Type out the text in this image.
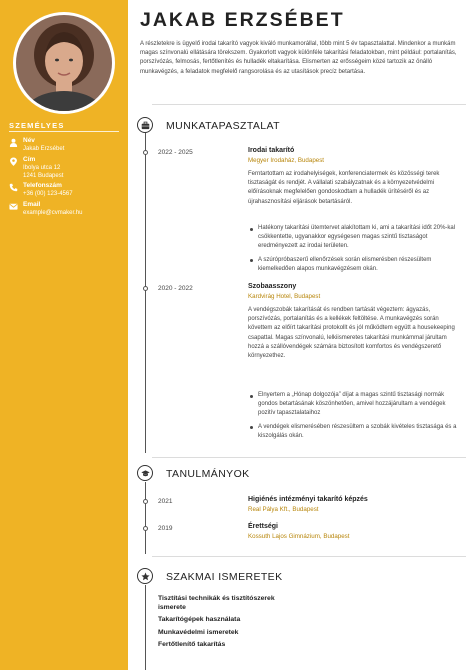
SZEMÉLYES
Név
Jakab Erzsébet
Cím
Ibolya utca 12
1241 Budapest
Telefonszám
+36 (00) 123-4567
Email
example@cvmaker.hu
JAKAB ERZSÉBET
A részletekre is ügyelő irodai takarító vagyok kiváló munkamorállal, több mint 5 év tapasztalattal. Mindenkor a munkám magas színvonalú ellátására törekszem. Gyakorlott vagyok különféle takarítási feladatokban, mint például: portalanítás, porszívózás, felmosás, fertőtlenítés és hulladék eltakarítása. Elismerten az erősségeim közé tartozik az önálló munkavégzés, a feladatok megfelelő rangsorolása és az utasítások precíz betartása.
MUNKATAPASZTALAT
2022 - 2025	Irodai takarító
Megyer Irodaház, Budapest
Ferntartottam az irodahelyiségek, konferenciatermek és közösségi terek tisztaságát és rendjét. A vállalati szabályzatnak és a környezetvédelmi előírásoknak megfelelően gondoskodtam a hulladék ürítéséről és az újrahasznosítási eljárások betartásáról.
Hatékony takarítási ütemtervet alakítottam ki, ami a takarítási időt 20%-kal csökkentette, ugyanakkor egységesen magas szintű tisztaságot eredményezett az irodai területen.
A szúrópróbaszerű ellenőrzések során elismerésben részesültem kiemelkedően alapos munkavégzésem okán.
2020 - 2022	Szobaasszony
Kardvirág Hotel, Budapest
A vendégszobák takarítását és rendben tartását végeztem: ágyazás, porszívózás, portalanítás és a kellékek feltöltése. A munkavégzés során követtem az előírt takarítási protokollt és jól működtem együtt a housekeeping csapattal. Magas színvonalú, lelkiismeretes takarítási munkámmal járultam hozzá a szállóvendégek számára biztosított komfortos és vendégszerető környezethez.
Elnyertem a „Hónap dolgozója” díjat a magas szintű tisztasági normák gondos betartásának köszönhetően, amivel hozzájárultam a vendégek pozitív tapasztalataihoz
A vendégek elismerésében részesültem a szobák kivételes tisztasága és a kiszolgálás okán.
TANULMÁNYOK
2021	Higiénés intézményi takarító képzés
Real Pálya Kft., Budapest
2019	Érettségi
Kossuth Lajos Gimnázium, Budapest
SZAKMAI ISMERETEK
Tisztítási technikák és tisztítószerek ismerete
Takarítógépek használata
Munkavédelmi ismeretek
Fertőtlenítő takarítás
